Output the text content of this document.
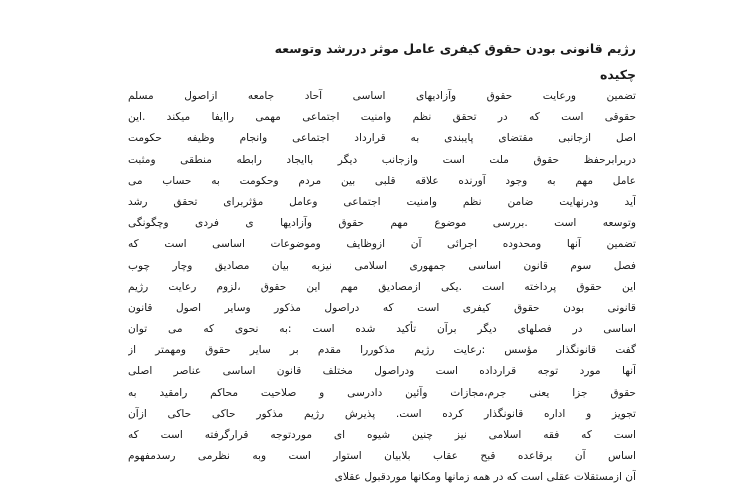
رژیم قانونی بودن حقوق کیفری عامل موثر دررشد وتوسعه
چکیده
تضمین ورعایت حقوق وآزادیهای اساسی آحاد جامعه ازاصول مسلم
حقوقی است که در تحقق نظم وامنیت اجتماعی مهمی راایفا میکند .این
اصل ازجانبی مقتضای پایبندی به قرارداد اجتماعی وانجام وظیفه حکومت
دربرابرحفظ حقوق ملت است وازجانب دیگر باایجاد رابطه منطقی ومثبت
عامل مهم به وجود آورنده علاقه قلبی بین مردم وحکومت به حساب می
آید ودرنهایت ضامن نظم وامنیت اجتماعی وعامل مؤثربرای تحقق رشد
وتوسعه است .بررسی موضوع مهم حقوق وآزادیها ی فردی وچگونگی
تضمین آنها ومحدوده اجرائی آن ازوظایف وموضوعات اساسی است که
فصل سوم قانون اساسی جمهوری اسلامی نیزبه بیان مصادیق وچار چوب
این حقوق پرداخته است .یکی ازمصادیق مهم این حقوق ،لزوم رعایت رژیم
قانونی بودن حقوق کیفری است که دراصول مذکور وسایر اصول قانون
اساسی در فصلهای دیگر برآن تأکید شده است :به نحوی که می توان
گفت قانونگذار مؤسس :رعایت رژیم مذکوررا مقدم بر سایر حقوق ومهمتر از
آنها مورد توجه قرارداده است ودراصول مختلف قانون اساسی عناصر اصلی
حقوق جزا یعنی جرم،مجازات وآئین دادرسی و صلاحیت محاکم رامقید به
تجویز و اداره قانونگذار کرده است. پذیرش رژیم مذکور حاکی حاکی ازآن
است که فقه اسلامی نیز چنین شیوه ای موردتوجه قرارگرفته است که
اساس آن برقاعده قبح عقاب بلابیان استوار است وبه نظرمی رسدمفهوم
آن ازمستقلات عقلی است که در همه زمانها ومکانها موردقبول عقلای
